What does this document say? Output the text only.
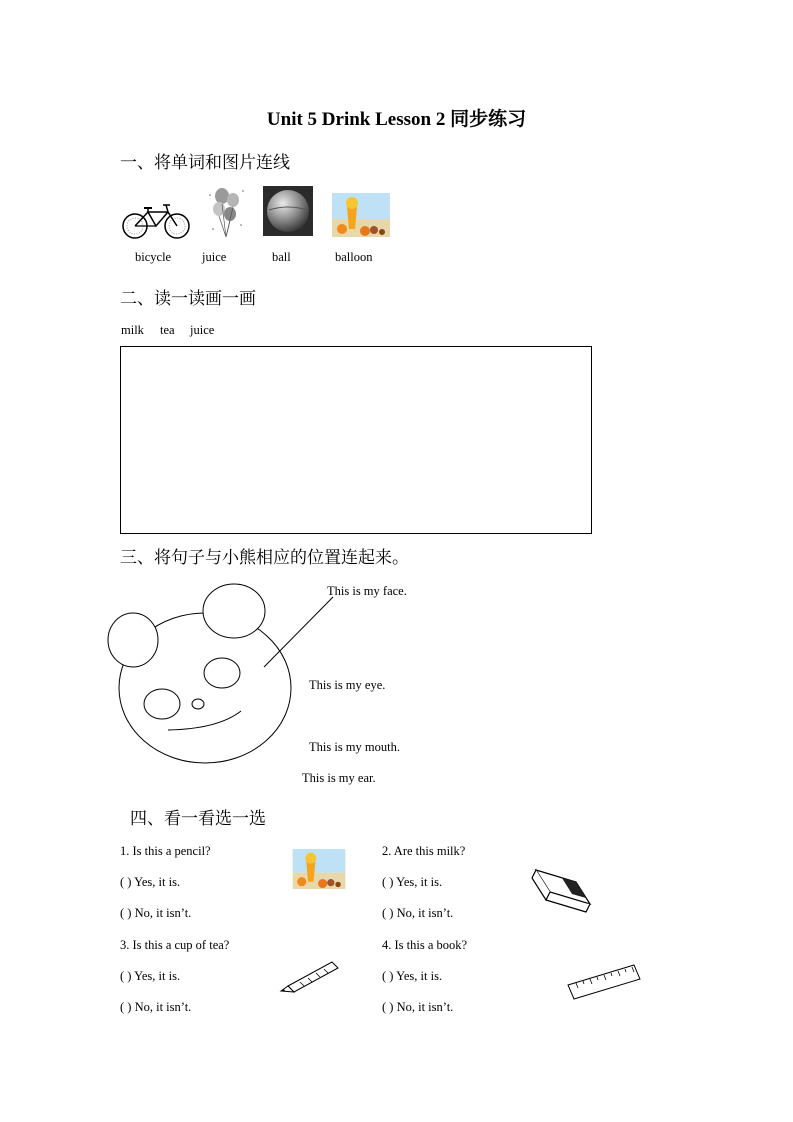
Unit 5 Drink Lesson 2 同步练习
一、将单词和图片连线
bicycle juice	ball	balloon
二、读一读画一画
milk tea juice
三、将句子与小熊相应的位置连起来。
This is my face.
This is my eye.
This is my mouth.
This is my ear.
四、看一看选一选
1. Is this a pencil?
( ) Yes, it is.
( ) No, it isn’t.
2. Are this milk?
( ) Yes, it is.
( ) No, it isn’t.
3. Is this a cup of tea?
( ) Yes, it is.
( ) No, it isn’t.
4. Is this a book?
( ) Yes, it is.
( ) No, it isn’t.
